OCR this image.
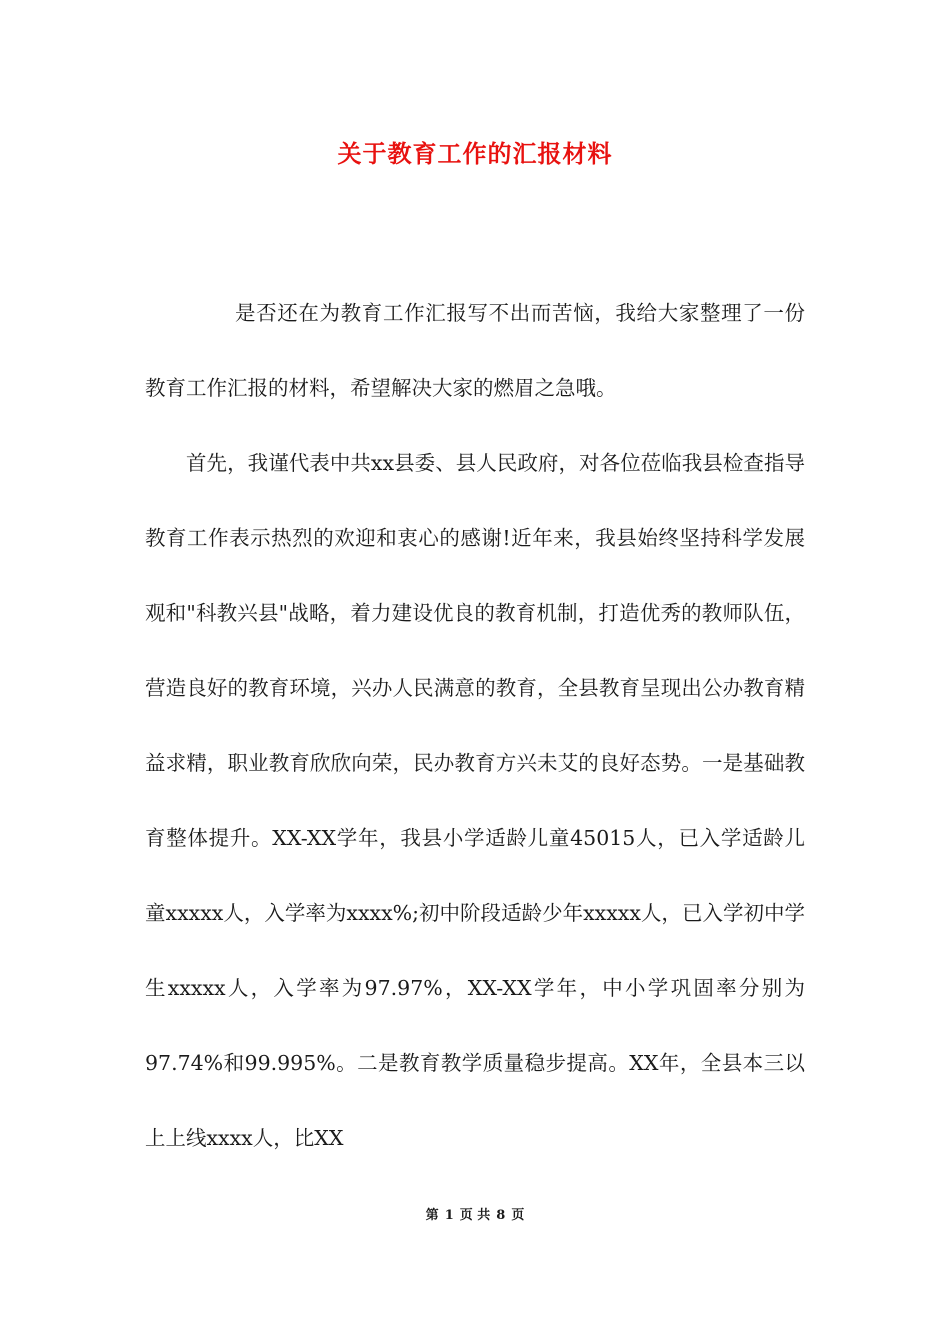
关于教育工作的汇报材料

是否还在为教育工作汇报写不出而苦恼，我给大家整理了一份教育工作汇报的材料，希望解决大家的燃眉之急哦。

首先，我谨代表中共xx县委、县人民政府，对各位莅临我县检查指导教育工作表示热烈的欢迎和衷心的感谢!近年来，我县始终坚持科学发展观和"科教兴县"战略，着力建设优良的教育机制，打造优秀的教师队伍，营造良好的教育环境，兴办人民满意的教育，全县教育呈现出公办教育精益求精，职业教育欣欣向荣，民办教育方兴未艾的良好态势。一是基础教育整体提升。XX-XX学年，我县小学适龄儿童45015人，已入学适龄儿童xxxxx人，入学率为xxxx%;初中阶段适龄少年xxxxx人，已入学初中学生xxxxx人，入学率为97.97%，XX-XX学年，中小学巩固率分别为97.74%和99.995%。二是教育教学质量稳步提高。XX年，全县本三以上上线xxxx人，比XX

第 1 页 共 8 页
